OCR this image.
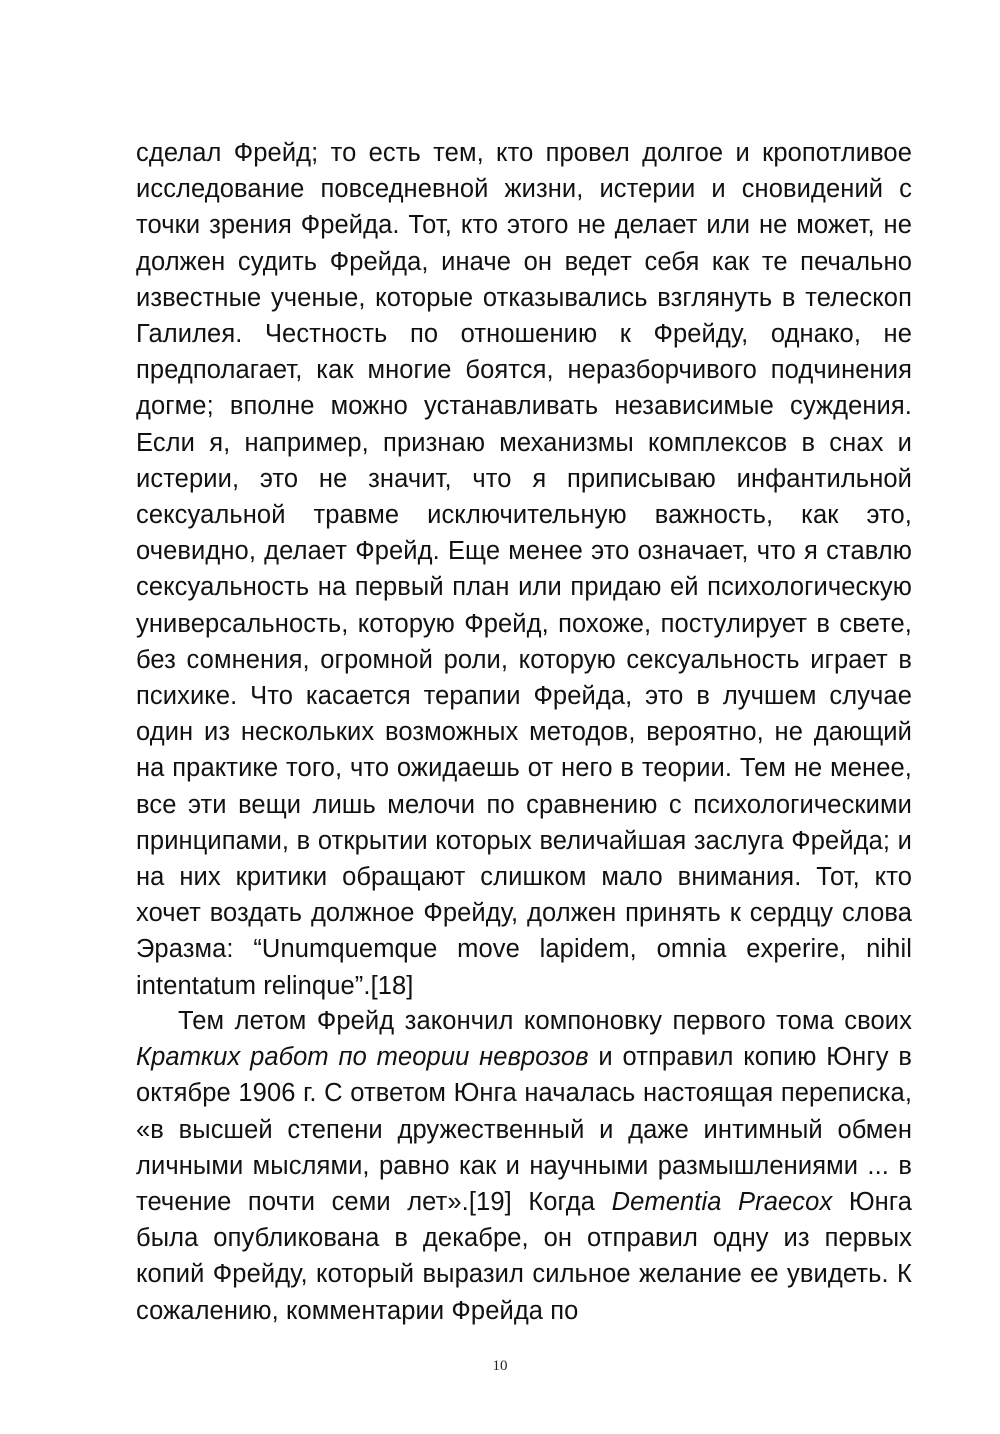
сделал Фрейд; то есть тем, кто провел долгое и кропотливое исследование повседневной жизни, истерии и сновидений с точки зрения Фрейда. Тот, кто этого не делает или не может, не должен судить Фрейда, иначе он ведет себя как те печально известные ученые, которые отказывались взглянуть в телескоп Галилея. Честность по отношению к Фрейду, однако, не предполагает, как многие боятся, неразборчивого подчинения догме; вполне можно устанавливать независимые суждения. Если я, например, признаю механизмы комплексов в снах и истерии, это не значит, что я приписываю инфантильной сексуальной травме исключительную важность, как это, очевидно, делает Фрейд. Еще менее это означает, что я ставлю сексуальность на первый план или придаю ей психологическую универсальность, которую Фрейд, похоже, постулирует в свете, без сомнения, огромной роли, которую сексуальность играет в психике. Что касается терапии Фрейда, это в лучшем случае один из нескольких возможных методов, вероятно, не дающий на практике того, что ожидаешь от него в теории. Тем не менее, все эти вещи лишь мелочи по сравнению с психологическими принципами, в открытии которых величайшая заслуга Фрейда; и на них критики обращают слишком мало внимания. Тот, кто хочет воздать должное Фрейду, должен принять к сердцу слова Эразма: “Unumquemque move lapidem, omnia experire, nihil intentatum relinque”.[18]

Тем летом Фрейд закончил компоновку первого тома своих Кратких работ по теории неврозов и отправил копию Юнгу в октябре 1906 г. С ответом Юнга началась настоящая переписка, «в высшей степени дружественный и даже интимный обмен личными мыслями, равно как и научными размышлениями ... в течение почти семи лет».[19] Когда Dementia Praecox Юнга была опубликована в декабре, он отправил одну из первых копий Фрейду, который выразил сильное желание ее увидеть. К сожалению, комментарии Фрейда по

10
